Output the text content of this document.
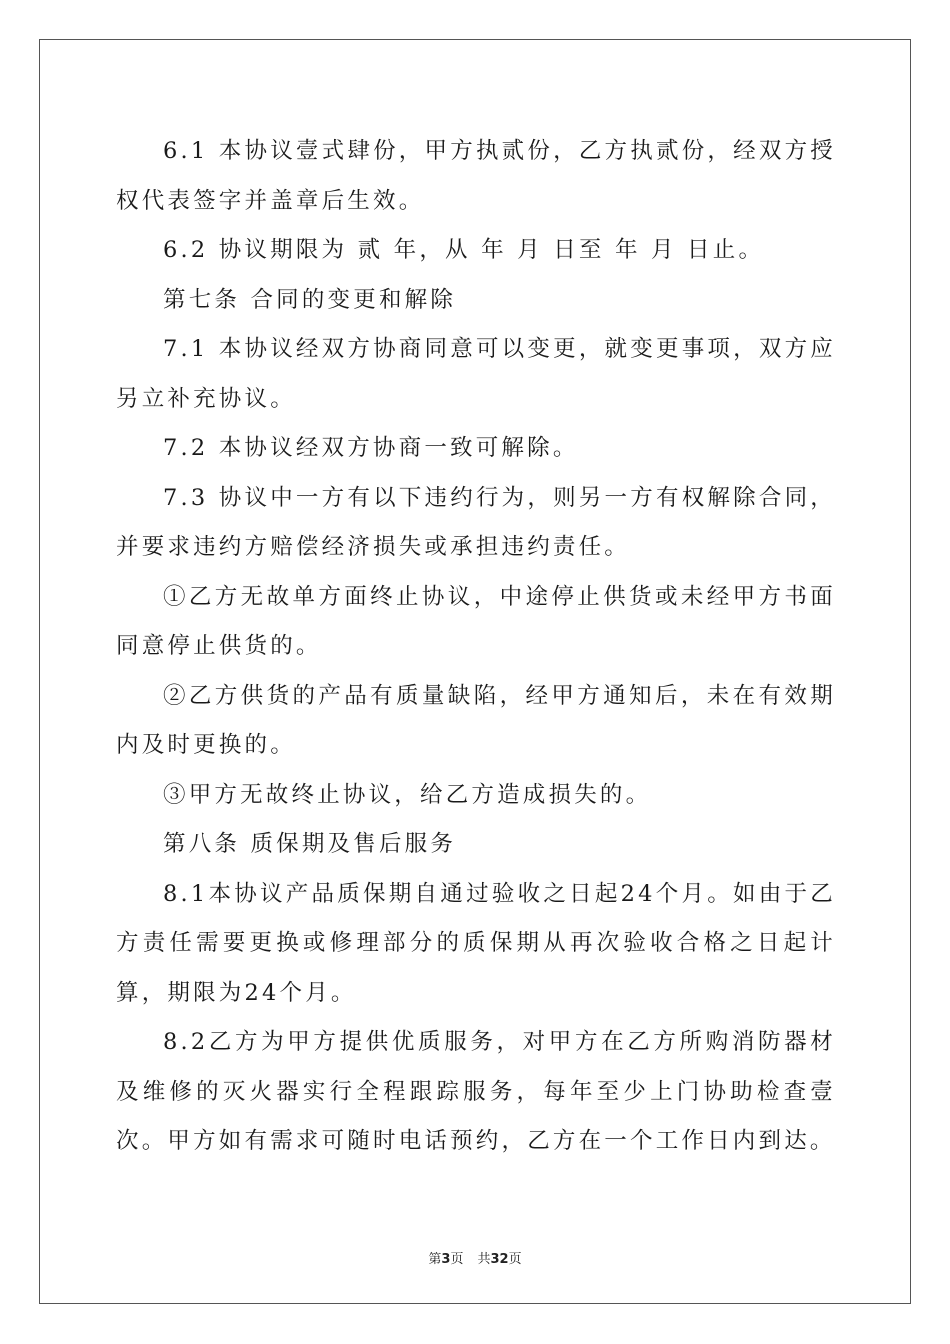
6.1 本协议壹式肆份，甲方执贰份，乙方执贰份，经双方授权代表签字并盖章后生效。

6.2 协议期限为 贰 年，从 年 月 日至 年 月 日止。

第七条 合同的变更和解除

7.1 本协议经双方协商同意可以变更，就变更事项，双方应另立补充协议。

7.2 本协议经双方协商一致可解除。

7.3 协议中一方有以下违约行为，则另一方有权解除合同，并要求违约方赔偿经济损失或承担违约责任。

①乙方无故单方面终止协议，中途停止供货或未经甲方书面同意停止供货的。

②乙方供货的产品有质量缺陷，经甲方通知后，未在有效期内及时更换的。

③甲方无故终止协议，给乙方造成损失的。

第八条 质保期及售后服务

8.1本协议产品质保期自通过验收之日起24个月。如由于乙方责任需要更换或修理部分的质保期从再次验收合格之日起计算，期限为24个月。

8.2乙方为甲方提供优质服务，对甲方在乙方所购消防器材及维修的灭火器实行全程跟踪服务，每年至少上门协助检查壹次。甲方如有需求可随时电话预约，乙方在一个工作日内到达。

第3页 共32页
